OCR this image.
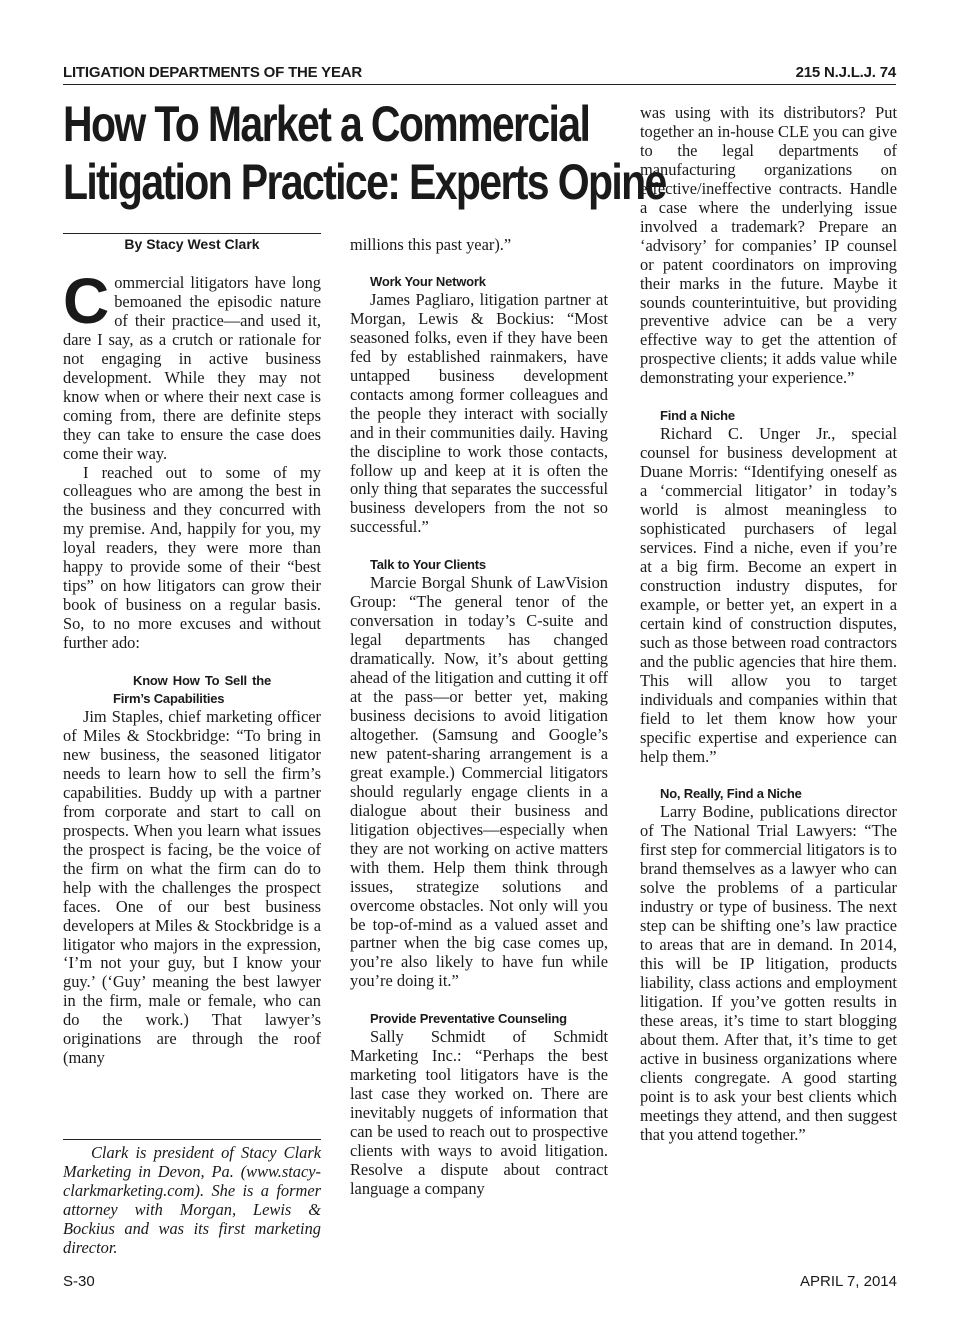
LITIGATION DEPARTMENTS OF THE YEAR	215 N.J.L.J. 74
How To Market a Commercial
Litigation Practice: Experts Opine
By Stacy West Clark

Commercial litigators have long bemoaned the episodic nature of their practice—and used it, dare I say, as a crutch or rationale for not engaging in active business development. While they may not know when or where their next case is coming from, there are definite steps they can take to ensure the case does come their way.

I reached out to some of my colleagues who are among the best in the business and they concurred with my premise. And, happily for you, my loyal readers, they were more than happy to provide some of their “best tips” on how litigators can grow their book of business on a regular basis. So, to no more excuses and without further ado:

Know How To Sell the Firm’s Capabilities

Jim Staples, chief marketing officer of Miles & Stockbridge: “To bring in new business, the seasoned litigator needs to learn how to sell the firm’s capabilities. Buddy up with a partner from corporate and start to call on prospects. When you learn what issues the prospect is facing, be the voice of the firm on what the firm can do to help with the challenges the prospect faces. One of our best business developers at Miles & Stockbridge is a litigator who majors in the expression, ‘I’m not your guy, but I know your guy.’ (‘Guy’ meaning the best lawyer in the firm, male or female, who can do the work.) That lawyer’s originations are through the roof (many

Clark is president of Stacy Clark Marketing in Devon, Pa. (www.stacy-clarkmarketing.com). She is a former attorney with Morgan, Lewis & Bockius and was its first marketing director.

millions this past year).”

Work Your Network

James Pagliaro, litigation partner at Morgan, Lewis & Bockius: “Most seasoned folks, even if they have been fed by established rainmakers, have untapped business development contacts among former colleagues and the people they interact with socially and in their communities daily. Having the discipline to work those contacts, follow up and keep at it is often the only thing that separates the successful business developers from the not so successful.”

Talk to Your Clients

Marcie Borgal Shunk of LawVision Group: “The general tenor of the conversation in today’s C-suite and legal departments has changed dramatically. Now, it’s about getting ahead of the litigation and cutting it off at the pass—or better yet, making business decisions to avoid litigation altogether. (Samsung and Google’s new patent-sharing arrangement is a great example.) Commercial litigators should regularly engage clients in a dialogue about their business and litigation objectives—especially when they are not working on active matters with them. Help them think through issues, strategize solutions and overcome obstacles. Not only will you be top-of-mind as a valued asset and partner when the big case comes up, you’re also likely to have fun while you’re doing it.”

Provide Preventative Counseling

Sally Schmidt of Schmidt Marketing Inc.: “Perhaps the best marketing tool litigators have is the last case they worked on. There are inevitably nuggets of information that can be used to reach out to prospective clients with ways to avoid litigation. Resolve a dispute about contract language a company

was using with its distributors? Put together an in-house CLE you can give to the legal departments of manufacturing organizations on effective/ineffective contracts. Handle a case where the underlying issue involved a trademark? Prepare an ‘advisory’ for companies’ IP counsel or patent coordinators on improving their marks in the future. Maybe it sounds counterintuitive, but providing preventive advice can be a very effective way to get the attention of prospective clients; it adds value while demonstrating your experience.”

Find a Niche

Richard C. Unger Jr., special counsel for business development at Duane Morris: “Identifying oneself as a ‘commercial litigator’ in today’s world is almost meaningless to sophisticated purchasers of legal services. Find a niche, even if you’re at a big firm. Become an expert in construction industry disputes, for example, or better yet, an expert in a certain kind of construction disputes, such as those between road contractors and the public agencies that hire them. This will allow you to target individuals and companies within that field to let them know how your specific expertise and experience can help them.”

No, Really, Find a Niche

Larry Bodine, publications director of The National Trial Lawyers: “The first step for commercial litigators is to brand themselves as a lawyer who can solve the problems of a particular industry or type of business. The next step can be shifting one’s law practice to areas that are in demand. In 2014, this will be IP litigation, products liability, class actions and employment litigation. If you’ve gotten results in these areas, it’s time to start blogging about them. After that, it’s time to get active in business organizations where clients congregate. A good starting point is to ask your best clients which meetings they attend, and then suggest that you attend together.”

S-30	APRIL 7, 2014
